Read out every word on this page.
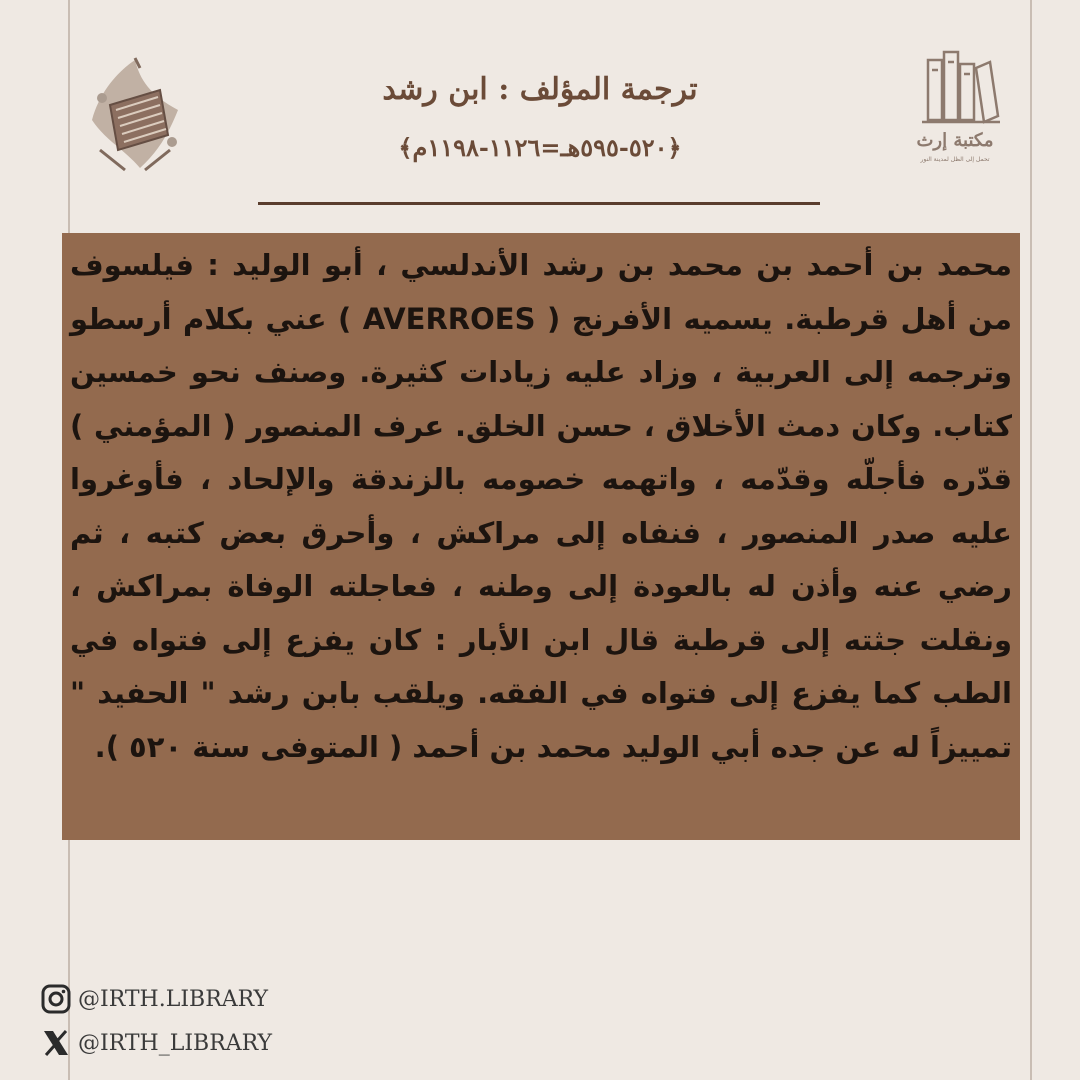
مكتبة إرث
تحمل إلى الظل لمدينة النور
ترجمة المؤلف : ابن رشد
﴿٥٢٠-٥٩٥هـ=١١٢٦-١١٩٨م﴾
محمد بن أحمد بن محمد بن رشد الأندلسي ، أبو الوليد : فيلسوف من أهل قرطبة. يسميه الأفرنج ( AVERROES ) عني بكلام أرسطو وترجمه إلى العربية ، وزاد عليه زيادات كثيرة. وصنف نحو خمسين كتاب. وكان دمث الأخلاق ، حسن الخلق. عرف المنصور ( المؤمني ) قدّره فأجلّه وقدّمه ، واتهمه خصومه بالزندقة والإلحاد ، فأوغروا عليه صدر المنصور ، فنفاه إلى مراكش ، وأحرق بعض كتبه ، ثم رضي عنه وأذن له بالعودة إلى وطنه ، فعاجلته الوفاة بمراكش ، ونقلت جثته إلى قرطبة قال ابن الأبار : كان يفزع إلى فتواه في الطب كما يفزع إلى فتواه في الفقه. ويلقب بابن رشد " الحفيد " تمييزاً له عن جده أبي الوليد محمد بن أحمد ( المتوفى سنة ٥٢٠ ).
@IRTH.LIBRARY
@IRTH_LIBRARY
